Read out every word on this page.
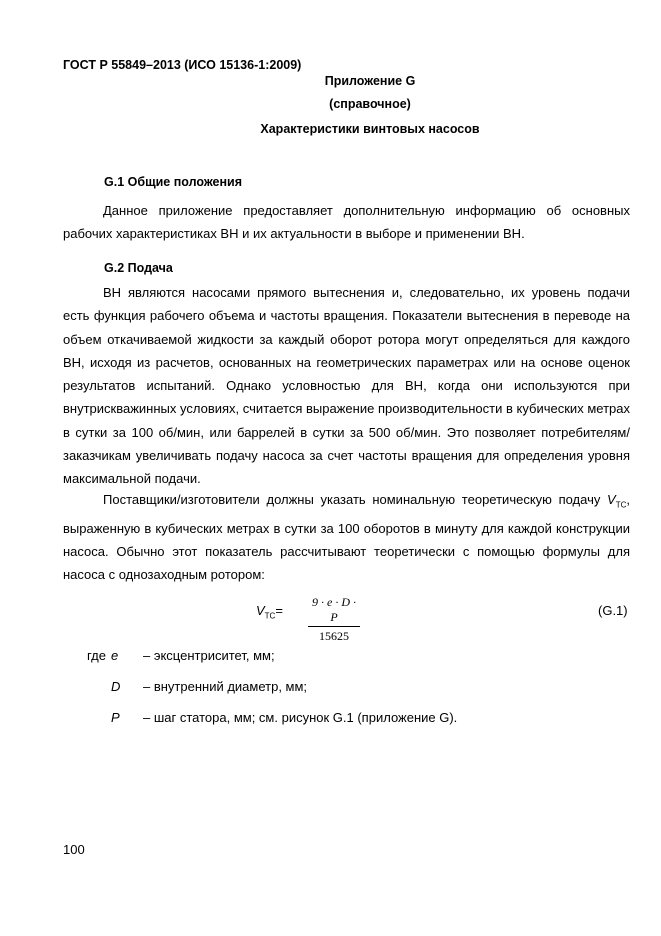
ГОСТ Р 55849–2013 (ИСО 15136-1:2009)
Приложение G
(справочное)
Характеристики винтовых насосов
G.1 Общие положения

Данное приложение предоставляет дополнительную информацию об основных рабочих характеристиках ВН и их актуальности в выборе и применении ВН.

G.2 Подача

ВН являются насосами прямого вытеснения и, следовательно, их уровень подачи есть функция рабочего объема и частоты вращения. Показатели вытеснения в переводе на объем откачиваемой жидкости за каждый оборот ротора могут определяться для каждого ВН, исходя из расчетов, основанных на геометрических параметрах или на основе оценок результатов испытаний. Однако условностью для ВН, когда они используются при внутрискважинных условиях, считается выражение производительности в кубических метрах в сутки за 100 об/мин, или баррелей в сутки за 500 об/мин. Это позволяет потребителям/заказчикам увеличивать подачу насоса за счет частоты вращения для определения уровня максимальной подачи.

Поставщики/изготовители должны указать номинальную теоретическую подачу $V_{TC}$, выраженную в кубических метрах в сутки за 100 оборотов в минуту для каждой конструкции насоса. Обычно этот показатель рассчитывают теоретически с помощью формулы для насоса с однозаходным ротором:

$V_{TC}= \frac{9 \cdot e \cdot D \cdot P}{15625}$	(G.1)
где e – эксцентриситет, мм;
D – внутренний диаметр, мм;
P – шаг статора, мм; см. рисунок G.1 (приложение G).
100
